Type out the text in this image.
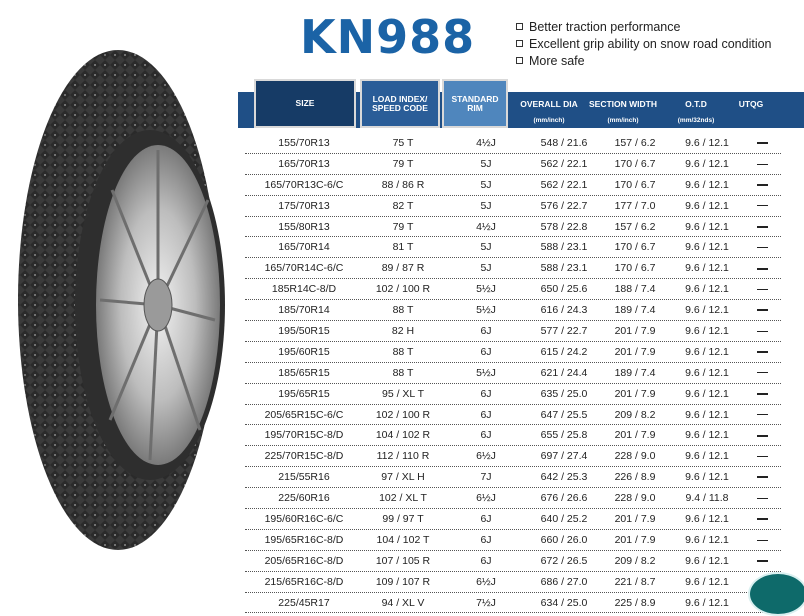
KN988	Better traction performance
Excellent grip ability on snow road condition
More safe
SIZE	LOAD INDEX/ SPEED CODE
STANDARD RIM	OVERALL DIA	SECTION WIDTH	O.T.D	UTQG
(mm/inch)	(mm/inch)	(mm/32nds)
155/70R13	75 T	4½J	548 / 21.6	157 / 6.2	9.6 / 12.1
165/70R13	79 T	5J	562 / 22.1	170 / 6.7	9.6 / 12.1
165/70R13C-6/C	88 / 86 R	5J	562 / 22.1	170 / 6.7	9.6 / 12.1
175/70R13	82 T	5J	576 / 22.7	177 / 7.0	9.6 / 12.1
155/80R13	79 T	4½J	578 / 22.8	157 / 6.2	9.6 / 12.1
165/70R14	81 T	5J	588 / 23.1	170 / 6.7	9.6 / 12.1
165/70R14C-6/C	89 / 87 R	5J	588 / 23.1	170 / 6.7	9.6 / 12.1
185R14C-8/D	102 / 100 R	5½J	650 / 25.6	188 / 7.4	9.6 / 12.1
185/70R14	88 T	5½J	616 / 24.3	189 / 7.4	9.6 / 12.1
195/50R15	82 H	6J	577 / 22.7	201 / 7.9	9.6 / 12.1
195/60R15	88 T	6J	615 / 24.2	201 / 7.9	9.6 / 12.1
185/65R15	88 T	5½J	621 / 24.4	189 / 7.4	9.6 / 12.1
195/65R15	95 / XL T	6J	635 / 25.0	201 / 7.9	9.6 / 12.1
205/65R15C-6/C	102 / 100 R	6J	647 / 25.5	209 / 8.2	9.6 / 12.1
195/70R15C-8/D	104 / 102 R	6J	655 / 25.8	201 / 7.9	9.6 / 12.1
225/70R15C-8/D	112 / 110 R	6½J	697 / 27.4	228 / 9.0	9.6 / 12.1
215/55R16	97 / XL H	7J	642 / 25.3	226 / 8.9	9.6 / 12.1
225/60R16	102 / XL T	6½J	676 / 26.6	228 / 9.0	9.4 / 11.8
195/60R16C-6/C	99 / 97 T	6J	640 / 25.2	201 / 7.9	9.6 / 12.1
195/65R16C-8/D	104 / 102 T	6J	660 / 26.0	201 / 7.9	9.6 / 12.1
205/65R16C-8/D	107 / 105 R	6J	672 / 26.5	209 / 8.2	9.6 / 12.1
215/65R16C-8/D	109 / 107 R	6½J	686 / 27.0	221 / 8.7	9.6 / 12.1
225/45R17	94 / XL V	7½J	634 / 25.0	225 / 8.9	9.6 / 12.1
